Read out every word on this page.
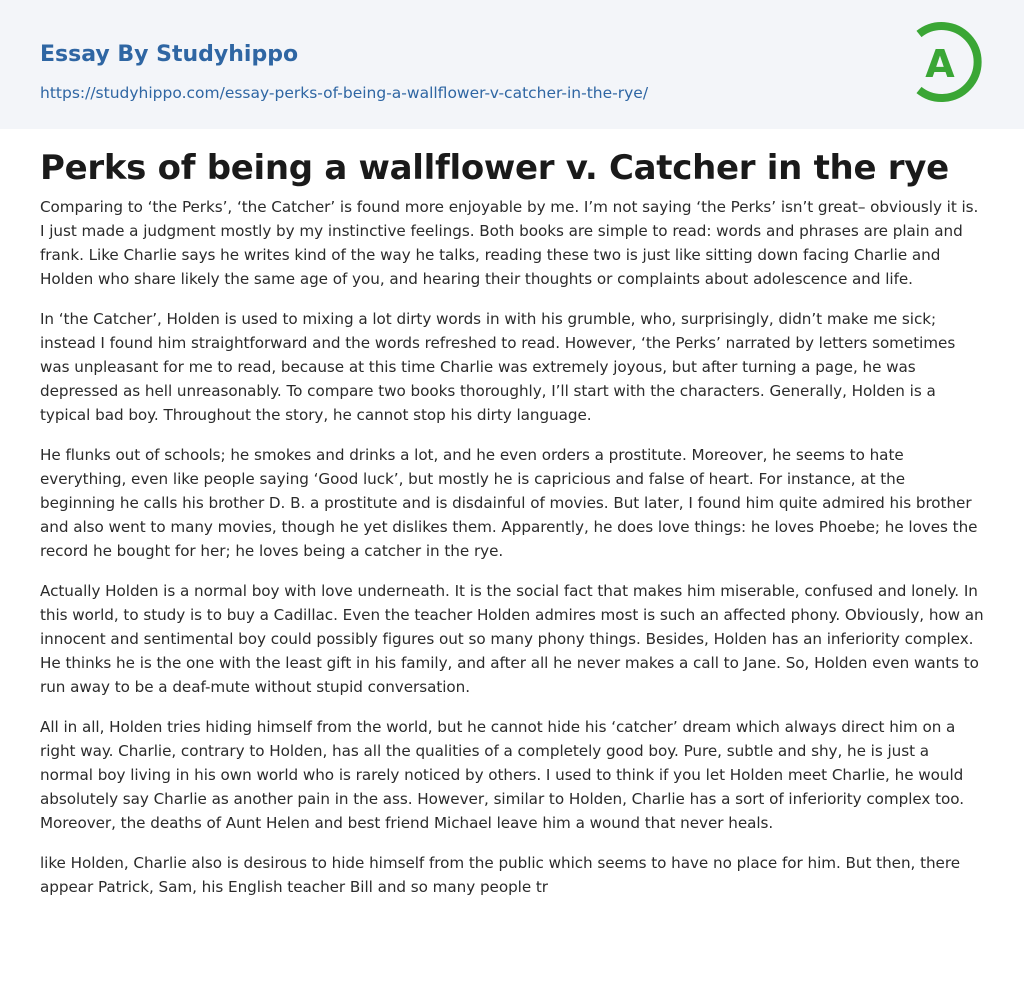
Essay By Studyhippo
https://studyhippo.com/essay-perks-of-being-a-wallflower-v-catcher-in-the-rye/
A
Perks of being a wallflower v. Catcher in the rye

Comparing to ‘the Perks’, ‘the Catcher’ is found more enjoyable by me. I’m not saying ‘the Perks’ isn’t great– obviously it is. I just made a judgment mostly by my instinctive feelings. Both books are simple to read: words and phrases are plain and frank. Like Charlie says he writes kind of the way he talks, reading these two is just like sitting down facing Charlie and Holden who share likely the same age of you, and hearing their thoughts or complaints about adolescence and life.

In ‘the Catcher’, Holden is used to mixing a lot dirty words in with his grumble, who, surprisingly, didn’t make me sick; instead I found him straightforward and the words refreshed to read. However, ‘the Perks’ narrated by letters sometimes was unpleasant for me to read, because at this time Charlie was extremely joyous, but after turning a page, he was depressed as hell unreasonably. To compare two books thoroughly, I’ll start with the characters. Generally, Holden is a typical bad boy. Throughout the story, he cannot stop his dirty language.

He flunks out of schools; he smokes and drinks a lot, and he even orders a prostitute. Moreover, he seems to hate everything, even like people saying ‘Good luck’, but mostly he is capricious and false of heart. For instance, at the beginning he calls his brother D. B. a prostitute and is disdainful of movies. But later, I found him quite admired his brother and also went to many movies, though he yet dislikes them. Apparently, he does love things: he loves Phoebe; he loves the record he bought for her; he loves being a catcher in the rye.

Actually Holden is a normal boy with love underneath. It is the social fact that makes him miserable, confused and lonely. In this world, to study is to buy a Cadillac. Even the teacher Holden admires most is such an affected phony. Obviously, how an innocent and sentimental boy could possibly figures out so many phony things. Besides, Holden has an inferiority complex. He thinks he is the one with the least gift in his family, and after all he never makes a call to Jane. So, Holden even wants to run away to be a deaf-mute without stupid conversation.

All in all, Holden tries hiding himself from the world, but he cannot hide his ‘catcher’ dream which always direct him on a right way. Charlie, contrary to Holden, has all the qualities of a completely good boy. Pure, subtle and shy, he is just a normal boy living in his own world who is rarely noticed by others. I used to think if you let Holden meet Charlie, he would absolutely say Charlie as another pain in the ass. However, similar to Holden, Charlie has a sort of inferiority complex too. Moreover, the deaths of Aunt Helen and best friend Michael leave him a wound that never heals.

like Holden, Charlie also is desirous to hide himself from the public which seems to have no place for him. But then, there appear Patrick, Sam, his English teacher Bill and so many people tr
